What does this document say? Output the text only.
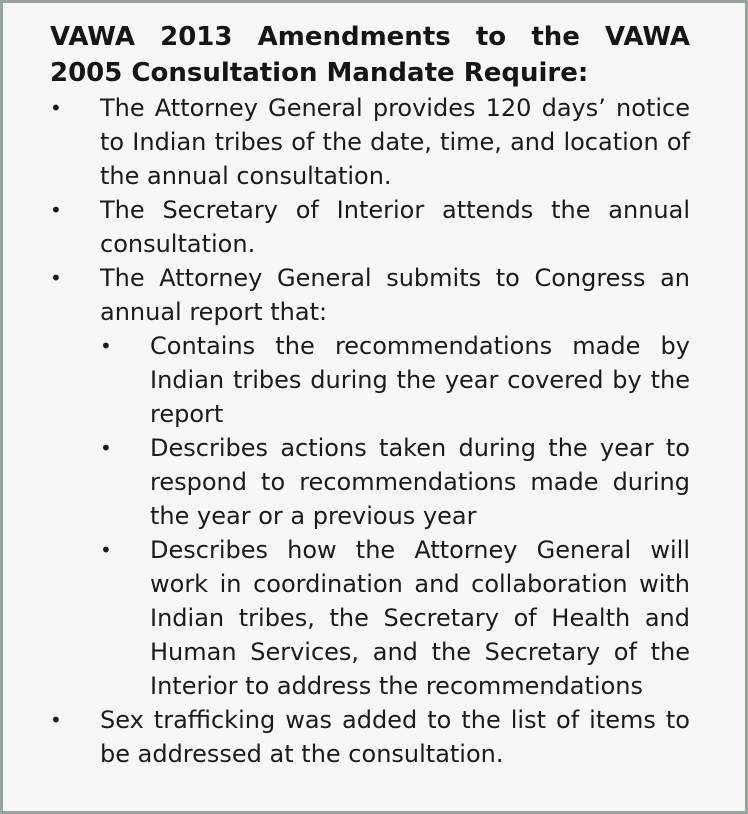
VAWA 2013 Amendments to the VAWA 2005 Consultation Mandate Require:

• The Attorney General provides 120 days’ notice to Indian tribes of the date, time, and location of the annual consultation.
• The Secretary of Interior attends the annual consultation.
• The Attorney General submits to Congress an annual report that:
• Contains the recommendations made by Indian tribes during the year covered by the report
• Describes actions taken during the year to respond to recommendations made during the year or a previous year
• Describes how the Attorney General will work in coordination and collaboration with Indian tribes, the Secretary of Health and Human Services, and the Secretary of the Interior to address the recommendations
• Sex trafficking was added to the list of items to be addressed at the consultation.
